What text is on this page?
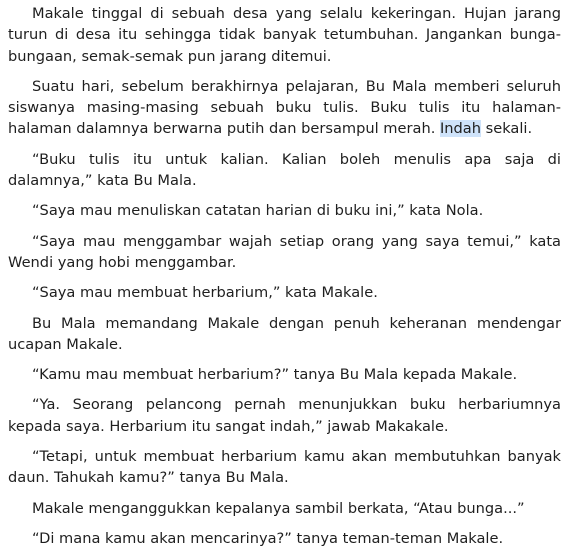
Makale tinggal di sebuah desa yang selalu kekeringan. Hujan jarang turun di desa itu sehingga tidak banyak tetumbuhan. Jangankan bunga-bungaan, semak-semak pun jarang ditemui.

Suatu hari, sebelum berakhirnya pelajaran, Bu Mala memberi seluruh siswanya masing-masing sebuah buku tulis. Buku tulis itu halaman-halaman dalamnya berwarna putih dan bersampul merah. Indah sekali.

“Buku tulis itu untuk kalian. Kalian boleh menulis apa saja di dalamnya,” kata Bu Mala.

“Saya mau menuliskan catatan harian di buku ini,” kata Nola.

“Saya mau menggambar wajah setiap orang yang saya temui,” kata Wendi yang hobi menggambar.

“Saya mau membuat herbarium,” kata Makale.

Bu Mala memandang Makale dengan penuh keheranan mendengar ucapan Makale.

“Kamu mau membuat herbarium?” tanya Bu Mala kepada Makale.

“Ya. Seorang pelancong pernah menunjukkan buku herbariumnya kepada saya. Herbarium itu sangat indah,” jawab Makakale.

“Tetapi, untuk membuat herbarium kamu akan membutuhkan banyak daun. Tahukah kamu?” tanya Bu Mala.

Makale menganggukkan kepalanya sambil berkata, “Atau bunga...”

“Di mana kamu akan mencarinya?” tanya teman-teman Makale.
